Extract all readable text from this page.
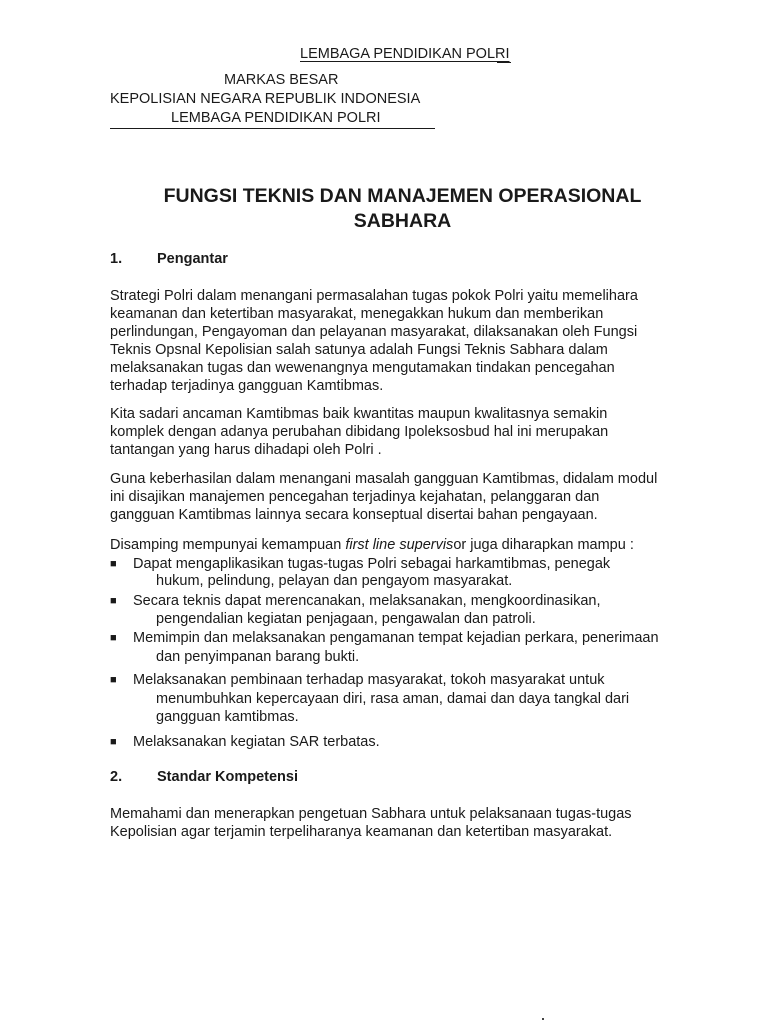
LEMBAGA PENDIDIKAN POLRI
MARKAS BESAR
KEPOLISIAN NEGARA REPUBLIK INDONESIA
LEMBAGA PENDIDIKAN POLRI
FUNGSI TEKNIS DAN MANAJEMEN OPERASIONAL
SABHARA
1. Pengantar
Strategi Polri dalam menangani permasalahan tugas pokok Polri yaitu memelihara
keamanan dan ketertiban masyarakat, menegakkan hukum dan memberikan
perlindungan, Pengayoman dan pelayanan masyarakat, dilaksanakan oleh Fungsi
Teknis Opsnal Kepolisian salah satunya adalah Fungsi Teknis Sabhara dalam
melaksanakan tugas dan wewenangnya mengutamakan tindakan pencegahan
terhadap terjadinya gangguan Kamtibmas.
Kita sadari ancaman Kamtibmas baik kwantitas maupun kwalitasnya semakin
komplek dengan adanya perubahan dibidang Ipoleksosbud hal ini merupakan
tantangan yang harus dihadapi oleh Polri .
Guna keberhasilan dalam menangani masalah gangguan Kamtibmas, didalam modul
ini disajikan manajemen pencegahan terjadinya kejahatan, pelanggaran dan
gangguan Kamtibmas lainnya secara konseptual disertai bahan pengayaan.
Disamping mempunyai kemampuan first line supervisor juga diharapkan mampu :
■ Dapat mengaplikasikan tugas-tugas Polri sebagai harkamtibmas, penegak
hukum, pelindung, pelayan dan pengayom masyarakat.
■ Secara teknis dapat merencanakan, melaksanakan, mengkoordinasikan,
pengendalian kegiatan penjagaan, pengawalan dan patroli.
■ Memimpin dan melaksanakan pengamanan tempat kejadian perkara, penerimaan
dan penyimpanan barang bukti.
■ Melaksanakan pembinaan terhadap masyarakat, tokoh masyarakat untuk
menumbuhkan kepercayaan diri, rasa aman, damai dan daya tangkal dari
gangguan kamtibmas.
■ Melaksanakan kegiatan SAR terbatas.
2. Standar Kompetensi
Memahami dan menerapkan pengetuan Sabhara untuk pelaksanaan tugas-tugas
Kepolisian agar terjamin terpeliharanya keamanan dan ketertiban masyarakat.
